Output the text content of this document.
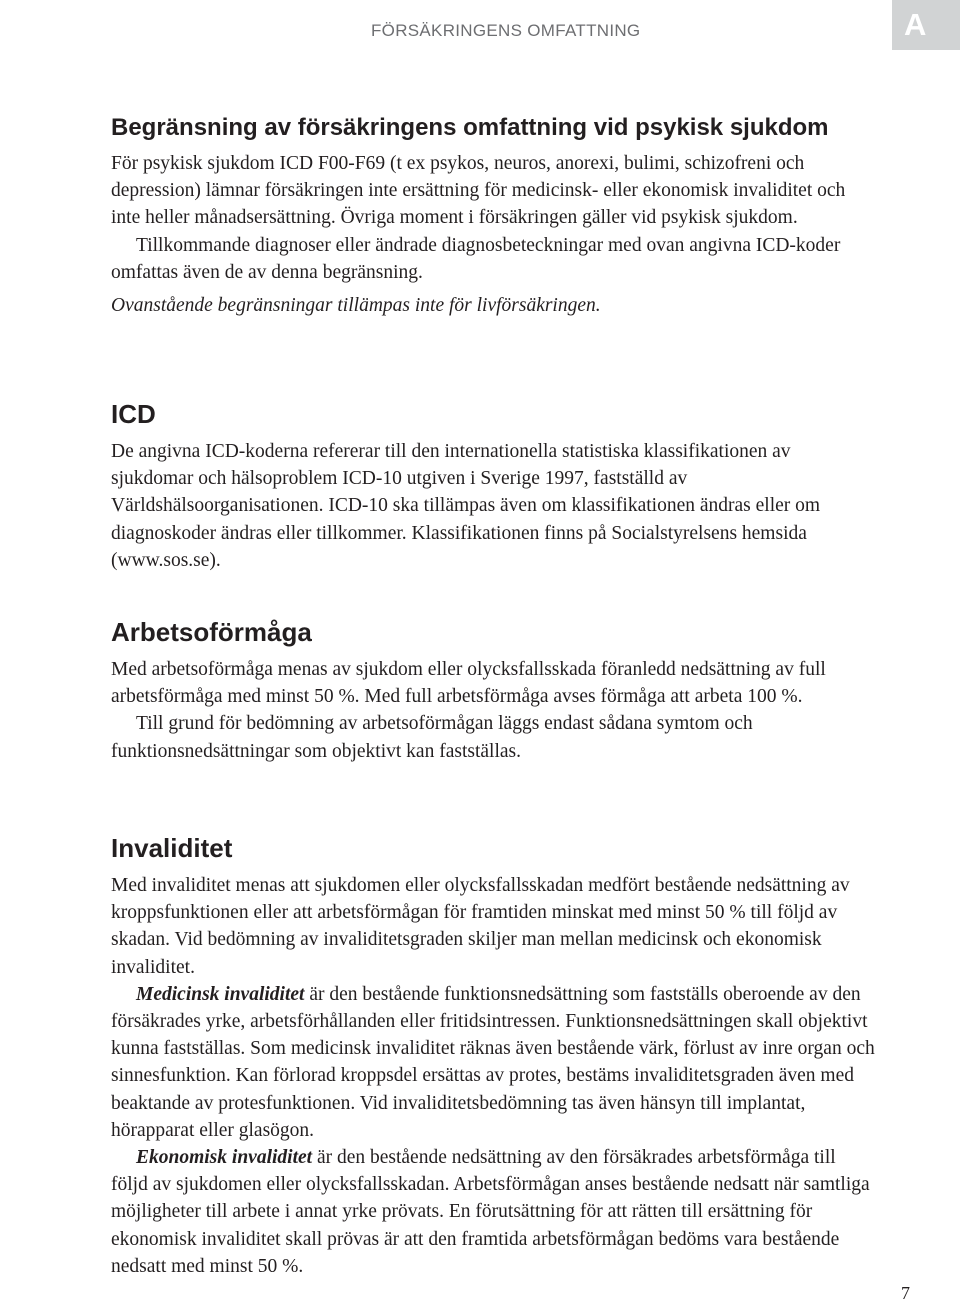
FÖRSÄKRINGENS OMFATTNING	A
Begränsning av försäkringens omfattning vid psykisk sjukdom

För psykisk sjukdom ICD F00-F69 (t ex psykos, neuros, anorexi, bulimi, schizofreni och depression) lämnar försäkringen inte ersättning för medicinsk- eller ekonomisk invaliditet och inte heller månadsersättning. Övriga moment i försäkringen gäller vid psykisk sjukdom.

Tillkommande diagnoser eller ändrade diagnosbeteckningar med ovan angivna ICD-koder omfattas även de av denna begränsning.

Ovanstående begränsningar tillämpas inte för livförsäkringen.

ICD

De angivna ICD-koderna refererar till den internationella statistiska klassifikationen av sjukdomar och hälsoproblem ICD-10 utgiven i Sverige 1997, fastställd av Världshälsoorganisationen. ICD-10 ska tillämpas även om klassifikationen ändras eller om diagnoskoder ändras eller tillkommer. Klassifikationen finns på Socialstyrelsens hemsida (www.sos.se).

Arbetsoförmåga

Med arbetsoförmåga menas av sjukdom eller olycksfallsskada föranledd nedsättning av full arbetsförmåga med minst 50 %. Med full arbetsförmåga avses förmåga att arbeta 100 %.

Till grund för bedömning av arbetsoförmågan läggs endast sådana symtom och funktionsnedsättningar som objektivt kan fastställas.

Invaliditet

Med invaliditet menas att sjukdomen eller olycksfallsskadan medfört bestående nedsättning av kroppsfunktionen eller att arbetsförmågan för framtiden minskat med minst 50 % till följd av skadan. Vid bedömning av invaliditetsgraden skiljer man mellan medicinsk och ekonomisk invaliditet.

Medicinsk invaliditet är den bestående funktionsnedsättning som fastställs oberoende av den försäkrades yrke, arbetsförhållanden eller fritidsintressen. Funktionsnedsättningen skall objektivt kunna fastställas. Som medicinsk invaliditet räknas även bestående värk, förlust av inre organ och sinnesfunktion. Kan förlorad kroppsdel ersättas av protes, bestäms invaliditetsgraden även med beaktande av protesfunktionen. Vid invaliditetsbedömning tas även hänsyn till implantat, hörapparat eller glasögon.

Ekonomisk invaliditet är den bestående nedsättning av den försäkrades arbetsförmåga till följd av sjukdomen eller olycksfallsskadan. Arbetsförmågan anses bestående nedsatt när samtliga möjligheter till arbete i annat yrke prövats. En förutsättning för att rätten till ersättning för ekonomisk invaliditet skall prövas är att den framtida arbetsförmågan bedöms vara bestående nedsatt med minst 50 %.

7
